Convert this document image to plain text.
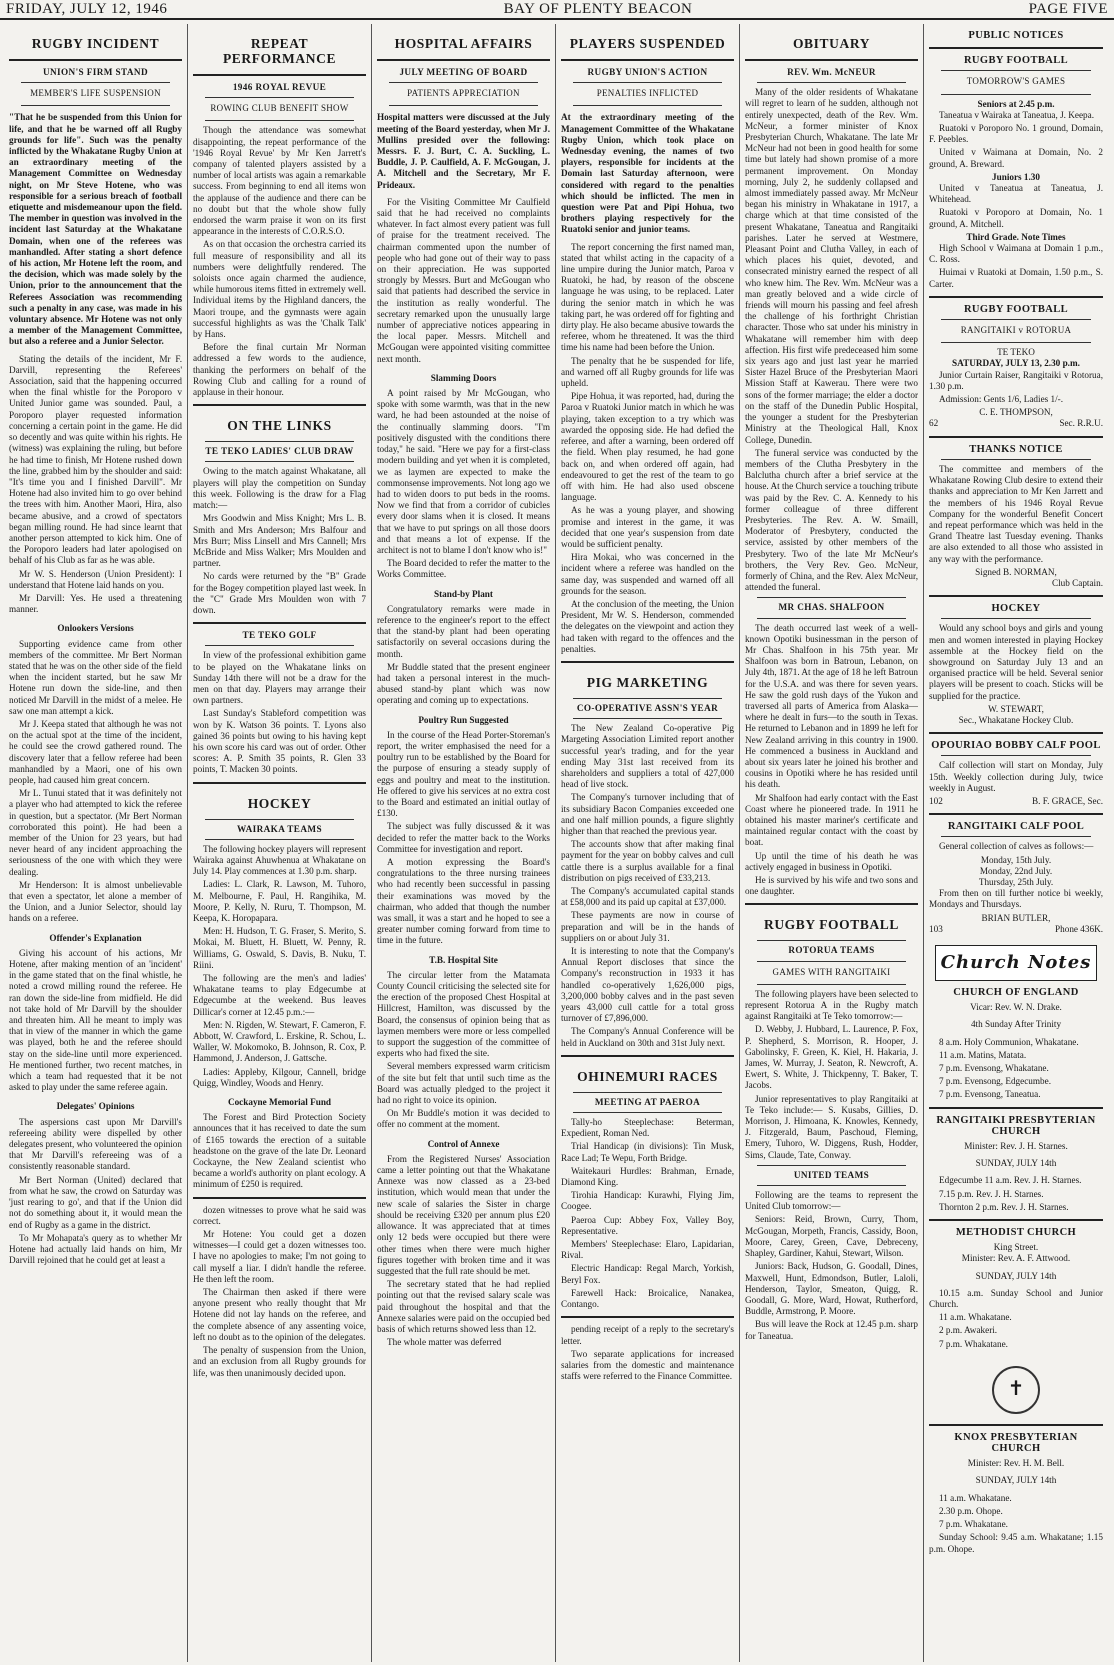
FRIDAY, JULY 12, 1946	BAY OF PLENTY BEACON	PAGE FIVE
RUGBY INCIDENT
UNION'S FIRM STAND
MEMBER'S LIFE SUSPENSION
"That he be suspended from this Union for life, and that he be warned off all Rugby grounds for life". Such was the penalty inflicted by the Whakatane Rugby Union at an extraordinary meeting of the Management Committee on Wednesday night, on Mr Steve Hotene, who was responsible for a serious breach of football etiquette and misdemeanour upon the field. The member in question was involved in the incident last Saturday at the Whakatane Domain, when one of the referees was manhandled. After stating a short defence of his action, Mr Hotene left the room, and the decision, which was made solely by the Union, prior to the announcement that the Referees Association was recommending such a penalty in any case, was made in his voluntary absence. Mr Hotene was not only a member of the Management Committee, but also a referee and a Junior Selector.

Stating the details of the incident, Mr F. Darvill, representing the Referees' Association, said that the happening occurred when the final whistle for the Poroporo v United Junior game was sounded. Paul, a Poroporo player requested information concerning a certain point in the game. He did so decently and was quite within his rights. He (witness) was explaining the ruling, but before he had time to finish, Mr Hotene rushed down the line, grabbed him by the shoulder and said: "It's time you and I finished Darvill". Mr Hotene had also invited him to go over behind the trees with him. Another Maori, Hira, also became abusive, and a crowd of spectators began milling round. He had since learnt that another person attempted to kick him. One of the Poroporo leaders had later apologised on behalf of his Club as far as he was able.

Mr W. S. Henderson (Union President): I understand that Hotene laid hands on you.

Mr Darvill: Yes. He used a threatening manner.

Onlookers Versions

Supporting evidence came from other members of the committee. Mr Bert Norman stated that he was on the other side of the field when the incident started, but he saw Mr Hotene run down the side-line, and then noticed Mr Darvill in the midst of a melee. He saw one man attempt a kick.

Mr J. Keepa stated that although he was not on the actual spot at the time of the incident, he could see the crowd gathered round. The discovery later that a fellow referee had been manhandled by a Maori, one of his own people, had caused him great concern.

Mr L. Tunui stated that it was definitely not a player who had attempted to kick the referee in question, but a spectator. (Mr Bert Norman corroborated this point). He had been a member of the Union for 23 years, but had never heard of any incident approaching the seriousness of the one with which they were dealing.

Mr Henderson: It is almost unbelievable that even a spectator, let alone a member of the Union, and a Junior Selector, should lay hands on a referee.

Offender's Explanation

Giving his account of his actions, Mr Hotene, after making mention of an 'incident' in the game stated that on the final whistle, he noted a crowd milling round the referee. He ran down the side-line from midfield. He did not take hold of Mr Darvill by the shoulder and threaten him. All he meant to imply was that in view of the manner in which the game was played, both he and the referee should stay on the side-line until more experienced. He mentioned further, two recent matches, in which a team had requested that it be not asked to play under the same referee again.

Delegates' Opinions

The aspersions cast upon Mr Darvill's refereeing ability were dispelled by other delegates present, who volunteered the opinion that Mr Darvill's refereeing was of a consistently reasonable standard.

Mr Bert Norman (United) declared that from what he saw, the crowd on Saturday was 'just rearing to go', and that if the Union did not do something about it, it would mean the end of Rugby as a game in the district.

To Mr Mohapata's query as to whether Mr Hotene had actually laid hands on him, Mr Darvill rejoined that he could get at least a

REPEAT PERFORMANCE
1946 ROYAL REVUE
ROWING CLUB BENEFIT SHOW

Though the attendance was somewhat disappointing, the repeat performance of the '1946 Royal Revue' by Mr Ken Jarrett's company of talented players assisted by a number of local artists was again a remarkable success. From beginning to end all items won the applause of the audience and there can be no doubt but that the whole show fully endorsed the warm praise it won on its first appearance in the interests of C.O.R.S.O.

As on that occasion the orchestra carried its full measure of responsibility and all its numbers were delightfully rendered. The soloists once again charmed the audience, while humorous items fitted in extremely well. Individual items by the Highland dancers, the Maori troupe, and the gymnasts were again successful highlights as was the 'Chalk Talk' by Hans.

Before the final curtain Mr Norman addressed a few words to the audience, thanking the performers on behalf of the Rowing Club and calling for a round of applause in their honour.

ON THE LINKS
TE TEKO LADIES' CLUB DRAW

Owing to the match against Whakatane, all players will play the competition on Sunday this week. Following is the draw for a Flag match:—

Mrs Goodwin and Miss Knight; Mrs L. B. Smith and Mrs Anderson; Mrs Balfour and Mrs Burr; Miss Linsell and Mrs Cannell; Mrs McBride and Miss Walker; Mrs Moulden and partner.

No cards were returned by the "B" Grade for the Bogey competition played last week. In the "C" Grade Mrs Moulden won with 7 down.

TE TEKO GOLF

In view of the professional exhibition game to be played on the Whakatane links on Sunday 14th there will not be a draw for the men on that day. Players may arrange their own partners.

Last Sunday's Stableford competition was won by K. Watson 36 points. T. Lyons also gained 36 points but owing to his having kept his own score his card was out of order. Other scores: A. P. Smith 35 points, R. Glen 33 points, T. Macken 30 points.

HOCKEY
WAIRAKA TEAMS

The following hockey players will represent Wairaka against Ahuwhenua at Whakatane on July 14. Play commences at 1.30 p.m. sharp.

Ladies: L. Clark, R. Lawson, M. Tuhoro, M. Melbourne, F. Paul, H. Rangihika, M. Moore, P. Kelly, N. Ruru, T. Thompson, M. Keepa, K. Horopapara.

Men: H. Hudson, T. G. Fraser, S. Merito, S. Mokai, M. Bluett, H. Bluett, W. Penny, R. Williams, G. Oswald, S. Davis, B. Nuku, T. Riini.

The following are the men's and ladies' Whakatane teams to play Edgecumbe at Edgecumbe at the weekend. Bus leaves Dillicar's corner at 12.45 p.m.:—

Men: N. Rigden, W. Stewart, F. Cameron, F. Abbott, W. Crawford, L. Erskine, R. Schou, L. Waller, W. Mokomoko, B. Johnson, R. Cox, P. Hammond, J. Anderson, J. Gattsche.

Ladies: Appleby, Kilgour, Cannell, bridge Quigg, Windley, Woods and Henry.

Cockayne Memorial Fund

The Forest and Bird Protection Society announces that it has received to date the sum of £165 towards the erection of a suitable headstone on the grave of the late Dr. Leonard Cockayne, the New Zealand scientist who became a world's authority on plant ecology. A minimum of £250 is required.

dozen witnesses to prove what he said was correct.

Mr Hotene: You could get a dozen witnesses—I could get a dozen witnesses too. I have no apologies to make; I'm not going to call myself a liar. I didn't handle the referee. He then left the room.

The Chairman then asked if there were anyone present who really thought that Mr Hotene did not lay hands on the referee, and the complete absence of any assenting voice, left no doubt as to the opinion of the delegates.

The penalty of suspension from the Union, and an exclusion from all Rugby grounds for life, was then unanimously decided upon.

HOSPITAL AFFAIRS
JULY MEETING OF BOARD
PATIENTS APPRECIATION
Hospital matters were discussed at the July meeting of the Board yesterday, when Mr J. Mullins presided over the following: Messrs. F. J. Burt, C. A. Suckling, L. Buddle, J. P. Caulfield, A. F. McGougan, J. A. Mitchell and the Secretary, Mr F. Prideaux.

For the Visiting Committee Mr Caulfield said that he had received no complaints whatever. In fact almost every patient was full of praise for the treatment received. The chairman commented upon the number of people who had gone out of their way to pass on their appreciation. He was supported strongly by Messrs. Burt and McGougan who said that patients had described the service in the institution as really wonderful. The secretary remarked upon the unusually large number of appreciative notices appearing in the local paper. Messrs. Mitchell and McGougan were appointed visiting committee next month.

Slamming Doors

A point raised by Mr McGougan, who spoke with some warmth, was that in the new ward, he had been astounded at the noise of the continually slamming doors. "I'm positively disgusted with the conditions there today," he said. "Here we pay for a first-class modern building and yet when it is completed, we as laymen are expected to make the commonsense improvements. Not long ago we had to widen doors to put beds in the rooms. Now we find that from a corridor of cubicles every door slams when it is closed. It means that we have to put springs on all those doors and that means a lot of expense. If the architect is not to blame I don't know who is!"

The Board decided to refer the matter to the Works Committee.

Stand-by Plant

Congratulatory remarks were made in reference to the engineer's report to the effect that the stand-by plant had been operating satisfactorily on several occasions during the month.

Mr Buddle stated that the present engineer had taken a personal interest in the much-abused stand-by plant which was now operating and coming up to expectations.

Poultry Run Suggested

In the course of the Head Porter-Storeman's report, the writer emphasised the need for a poultry run to be established by the Board for the purpose of ensuring a steady supply of eggs and poultry and meat to the institution. He offered to give his services at no extra cost to the Board and estimated an initial outlay of £130.

The subject was fully discussed & it was decided to refer the matter back to the Works Committee for investigation and report.

A motion expressing the Board's congratulations to the three nursing trainees who had recently been successful in passing their examinations was moved by the chairman, who added that though the number was small, it was a start and he hoped to see a greater number coming forward from time to time in the future.

T.B. Hospital Site

The circular letter from the Matamata County Council criticising the selected site for the erection of the proposed Chest Hospital at Hillcrest, Hamilton, was discussed by the Board, the consensus of opinion being that as laymen members were more or less compelled to support the suggestion of the committee of experts who had fixed the site.

Several members expressed warm criticism of the site but felt that until such time as the Board was actually pledged to the project it had no right to voice its opinion.

On Mr Buddle's motion it was decided to offer no comment at the moment.

Control of Annexe

From the Registered Nurses' Association came a letter pointing out that the Whakatane Annexe was now classed as a 23-bed institution, which would mean that under the new scale of salaries the Sister in charge should be receiving £320 per annum plus £20 allowance. It was appreciated that at times only 12 beds were occupied but there were other times when there were much higher figures together with broken time and it was suggested that the full rate should be met.

The secretary stated that he had replied pointing out that the revised salary scale was paid throughout the hospital and that the Annexe salaries were paid on the occupied bed basis of which returns showed less than 12.

The whole matter was deferred

PLAYERS SUSPENDED
RUGBY UNION'S ACTION
PENALTIES INFLICTED
At the extraordinary meeting of the Management Committee of the Whakatane Rugby Union, which took place on Wednesday evening, the names of two players, responsible for incidents at the Domain last Saturday afternoon, were considered with regard to the penalties which should be inflicted. The men in question were Pat and Pipi Hohua, two brothers playing respectively for the Ruatoki senior and junior teams.

The report concerning the first named man, stated that whilst acting in the capacity of a line umpire during the Junior match, Paroa v Ruatoki, he had, by reason of the obscene language he was using, to be replaced. Later during the senior match in which he was taking part, he was ordered off for fighting and dirty play. He also became abusive towards the referee, whom he threatened. It was the third time his name had been before the Union.

The penalty that he be suspended for life, and warned off all Rugby grounds for life was upheld.

Pipe Hohua, it was reported, had, during the Paroa v Ruatoki Junior match in which he was playing, taken exception to a try which was awarded the opposing side. He had defied the referee, and after a warning, been ordered off the field. When play resumed, he had gone back on, and when ordered off again, had endeavoured to get the rest of the team to go off with him. He had also used obscene language.

As he was a young player, and showing promise and interest in the game, it was decided that one year's suspension from date would be sufficient penalty.

Hira Mokai, who was concerned in the incident where a referee was handled on the same day, was suspended and warned off all grounds for the season.

At the conclusion of the meeting, the Union President, Mr W. S. Henderson, commended the delegates on the viewpoint and action they had taken with regard to the offences and the penalties.

PIG MARKETING
CO-OPERATIVE ASSN'S YEAR

The New Zealand Co-operative Pig Margeting Association Limited report another successful year's trading, and for the year ending May 31st last received from its shareholders and suppliers a total of 427,000 head of live stock.

The Company's turnover including that of its subsidiary Bacon Companies exceeded one and one half million pounds, a figure slightly higher than that reached the previous year.

The accounts show that after making final payment for the year on bobby calves and cull cattle there is a surplus available for a final distribution on pigs received of £33,213.

The Company's accumulated capital stands at £58,000 and its paid up capital at £37,000.

These payments are now in course of preparation and will be in the hands of suppliers on or about July 31.

It is interesting to note that the Company's Annual Report discloses that since the Company's reconstruction in 1933 it has handled co-operatively 1,626,000 pigs, 3,200,000 bobby calves and in the past seven years 43,000 cull cattle for a total gross turnover of £7,896,000.

The Company's Annual Conference will be held in Auckland on 30th and 31st July next.

OHINEMURI RACES
MEETING AT PAEROA

Tally-ho Steeplechase: Beterman, Expedient, Roman Ned.

Trial Handicap (in divisions): Tin Musk, Race Lad; Te Wepu, Forth Bridge.

Waitekauri Hurdles: Brahman, Ernade, Diamond King.

Tirohia Handicap: Kurawhi, Flying Jim, Coogee.

Paeroa Cup: Abbey Fox, Valley Boy, Representative.

Members' Steeplechase: Elaro, Lapidarian, Rival.

Electric Handicap: Regal March, Yorkish, Beryl Fox.

Farewell Hack: Broicalice, Nanakea, Contango.

pending receipt of a reply to the secretary's letter.

Two separate applications for increased salaries from the domestic and maintenance staffs were referred to the Finance Committee.

OBITUARY
REV. Wm. McNEUR

Many of the older residents of Whakatane will regret to learn of he sudden, although not entirely unexpected, death of the Rev. Wm. McNeur, a former minister of Knox Presbyterian Church, Whakatane. The late Mr McNeur had not been in good health for some time but lately had shown promise of a more permanent improvement. On Monday morning, July 2, he suddenly collapsed and almost immediately passed away. Mr McNeur began his ministry in Whakatane in 1917, a charge which at that time consisted of the present Whakatane, Taneatua and Rangitaiki parishes. Later he served at Westmere, Pleasant Point and Clutha Valley, in each of which places his quiet, devoted, and consecrated ministry earned the respect of all who knew him. The Rev. Wm. McNeur was a man greatly beloved and a wide circle of friends will mourn his passing and feel afresh the challenge of his forthright Christian character. Those who sat under his ministry in Whakatane will remember him with deep affection. His first wife predeceased him some six years ago and just last year he married Sister Hazel Bruce of the Presbyterian Maori Mission Staff at Kawerau. There were two sons of the former marriage; the elder a doctor on the staff of the Dunedin Public Hospital, the younger a student for the Presbyterian Ministry at the Theological Hall, Knox College, Dunedin.

The funeral service was conducted by the members of the Clutha Presbytery in the Balclutha church after a brief service at the house. At the Church service a touching tribute was paid by the Rev. C. A. Kennedy to his former colleague of three different Presbyteries. The Rev. A. W. Smaill, Moderator of Presbytery, conducted the service, assisted by other members of the Presbytery. Two of the late Mr McNeur's brothers, the Very Rev. Geo. McNeur, formerly of China, and the Rev. Alex McNeur, attended the funeral.

MR CHAS. SHALFOON

The death occurred last week of a well-known Opotiki businessman in the person of Mr Chas. Shalfoon in his 75th year. Mr Shalfoon was born in Batroun, Lebanon, on July 4th, 1871. At the age of 18 he left Batroun for the U.S.A. and was there for seven years. He saw the gold rush days of the Yukon and traversed all parts of America from Alaska—where he dealt in furs—to the south in Texas. He returned to Lebanon and in 1899 he left for New Zealand arriving in this country in 1900. He commenced a business in Auckland and about six years later he joined his brother and cousins in Opotiki where he has resided until his death.

Mr Shalfoon had early contact with the East Coast where he pioneered trade. In 1911 he obtained his master mariner's certificate and maintained regular contact with the coast by boat.

Up until the time of his death he was actively engaged in business in Opotiki.

He is survived by his wife and two sons and one daughter.

RUGBY FOOTBALL
ROTORUA TEAMS
GAMES WITH RANGITAIKI

The following players have been selected to represent Rotorua A in the Rugby match against Rangitaiki at Te Teko tomorrow:—

D. Webby, J. Hubbard, L. Laurence, P. Fox, P. Shepherd, S. Morrison, R. Hooper, J. Gabolinsky, F. Green, K. Kiel, H. Hakaria, J. James, W. Murray, J. Seaton, R. Newcroft, A. Ewert, S. White, J. Thickpenny, T. Baker, T. Jacobs.

Junior representatives to play Rangitaiki at Te Teko include:— S. Kusabs, Gillies, D. Morrison, J. Himoana, K. Knowles, Kennedy, J. Fitzgerald, Baum, Paschoud, Fleming, Emery, Tuhoro, W. Diggens, Rush, Hodder, Sims, Claude, Tate, Conway.

UNITED TEAMS

Following are the teams to represent the United Club tomorrow:—

Seniors: Reid, Brown, Curry, Thom, McGougan, Morpeth, Francis, Cassidy, Boon, Moore, Carey, Green, Cave, Debreceny, Shapley, Gardiner, Kahui, Stewart, Wilson.

Juniors: Back, Hudson, G. Goodall, Dines, Maxwell, Hunt, Edmondson, Butler, Laloli, Henderson, Taylor, Smeaton, Quigg, R. Goodall, G. More, Ward, Howat, Rutherford, Buddle, Armstrong, P. Moore.

Bus will leave the Rock at 12.45 p.m. sharp for Taneatua.

PUBLIC NOTICES
RUGBY FOOTBALL
TOMORROW'S GAMES
Seniors at 2.45 p.m.

Taneatua v Wairaka at Taneatua, J. Keepa.

Ruatoki v Poroporo No. 1 ground, Domain, F. Peebles.

United v Waimana at Domain, No. 2 ground, A. Breward.

Juniors 1.30

United v Taneatua at Taneatua, J. Whitehead.

Ruatoki v Poroporo at Domain, No. 1 ground, A. Mitchell.

Third Grade. Note Times

High School v Waimana at Domain 1 p.m., C. Ross.

Huimai v Ruatoki at Domain, 1.50 p.m., S. Carter.

RUGBY FOOTBALL
RANGITAIKI v ROTORUA
TE TEKO
SATURDAY, JULY 13, 2.30 p.m.

Junior Curtain Raiser, Rangitaiki v Rotorua, 1.30 p.m.

Admission: Gents 1/6, Ladies 1/-.

C. E. THOMPSON,
62	Sec. R.R.U.
THANKS NOTICE

The committee and members of the Whakatane Rowing Club desire to extend their thanks and appreciation to Mr Ken Jarrett and the members of his 1946 Royal Revue Company for the wonderful Benefit Concert and repeat performance which was held in the Grand Theatre last Tuesday evening. Thanks are also extended to all those who assisted in any way with the performance.

Signed B. NORMAN,
Club Captain.
HOCKEY

Would any school boys and girls and young men and women interested in playing Hockey assemble at the Hockey field on the showground on Saturday July 13 and an organised practice will be held. Several senior players will be present to coach. Sticks will be supplied for the practice.

W. STEWART,
Sec., Whakatane Hockey Club.
OPOURIAO BOBBY CALF POOL

Calf collection will start on Monday, July 15th. Weekly collection during July, twice weekly in August.

102	B. F. GRACE, Sec.
RANGITAIKI CALF POOL

General collection of calves as follows:—

Monday, 15th July.
Monday, 22nd July.
Thursday, 25th July.

From then on till further notice bi weekly, Mondays and Thursdays.

BRIAN BUTLER,
103	Phone 436K.
Church Notes
CHURCH OF ENGLAND
Vicar: Rev. W. N. Drake.
4th Sunday After Trinity

8 a.m. Holy Communion, Whakatane.

11 a.m. Matins, Matata.

7 p.m. Evensong, Whakatane.

7 p.m. Evensong, Edgecumbe.

7 p.m. Evensong, Taneatua.

RANGITAIKI PRESBYTERIAN CHURCH
Minister: Rev. J. H. Starnes.
SUNDAY, JULY 14th

Edgecumbe 11 a.m. Rev. J. H. Starnes.

7.15 p.m. Rev. J. H. Starnes.

Thornton 2 p.m. Rev. J. H. Starnes.

METHODIST CHURCH
King Street.
Minister: Rev. A. F. Attwood.
SUNDAY, JULY 14th

10.15 a.m. Sunday School and Junior Church.

11 a.m. Whakatane.

2 p.m. Awakeri.

7 p.m. Whakatane.

✝
KNOX PRESBYTERIAN CHURCH
Minister: Rev. H. M. Bell.
SUNDAY, JULY 14th

11 a.m. Whakatane.

2.30 p.m. Ohope.

7 p.m. Whakatane.

Sunday School: 9.45 a.m. Whakatane; 1.15 p.m. Ohope.
